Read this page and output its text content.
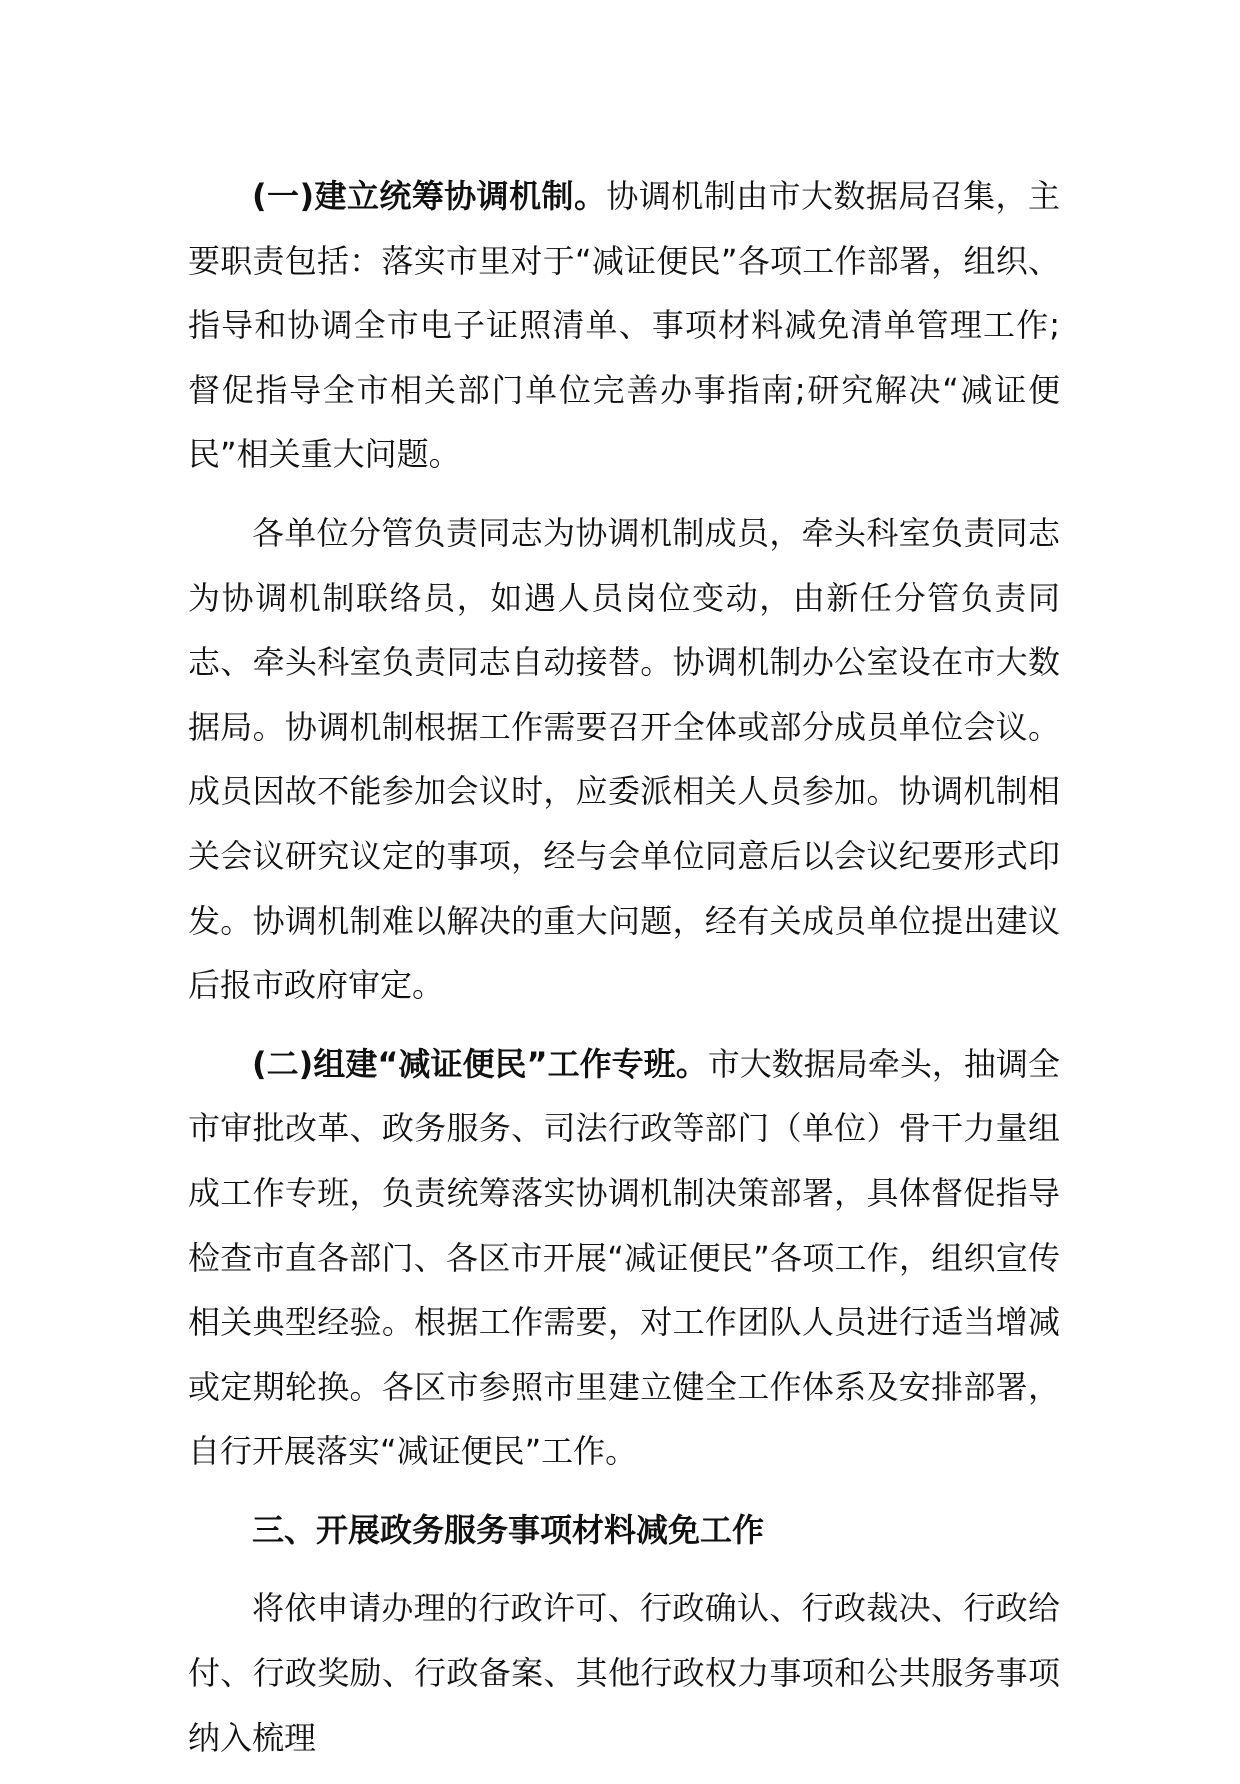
(一)建立统筹协调机制。协调机制由市大数据局召集，主要职责包括：落实市里对于“减证便民”各项工作部署，组织、指导和协调全市电子证照清单、事项材料减免清单管理工作;督促指导全市相关部门单位完善办事指南;研究解决“减证便民”相关重大问题。

各单位分管负责同志为协调机制成员，牵头科室负责同志为协调机制联络员，如遇人员岗位变动，由新任分管负责同志、牵头科室负责同志自动接替。协调机制办公室设在市大数据局。协调机制根据工作需要召开全体或部分成员单位会议。成员因故不能参加会议时，应委派相关人员参加。协调机制相关会议研究议定的事项，经与会单位同意后以会议纪要形式印发。协调机制难以解决的重大问题，经有关成员单位提出建议后报市政府审定。

(二)组建“减证便民”工作专班。市大数据局牵头，抽调全市审批改革、政务服务、司法行政等部门（单位）骨干力量组成工作专班，负责统筹落实协调机制决策部署，具体督促指导检查市直各部门、各区市开展“减证便民”各项工作，组织宣传相关典型经验。根据工作需要，对工作团队人员进行适当增减或定期轮换。各区市参照市里建立健全工作体系及安排部署，自行开展落实“减证便民”工作。

三、开展政务服务事项材料减免工作

将依申请办理的行政许可、行政确认、行政裁决、行政给付、行政奖励、行政备案、其他行政权力事项和公共服务事项纳入梳理
